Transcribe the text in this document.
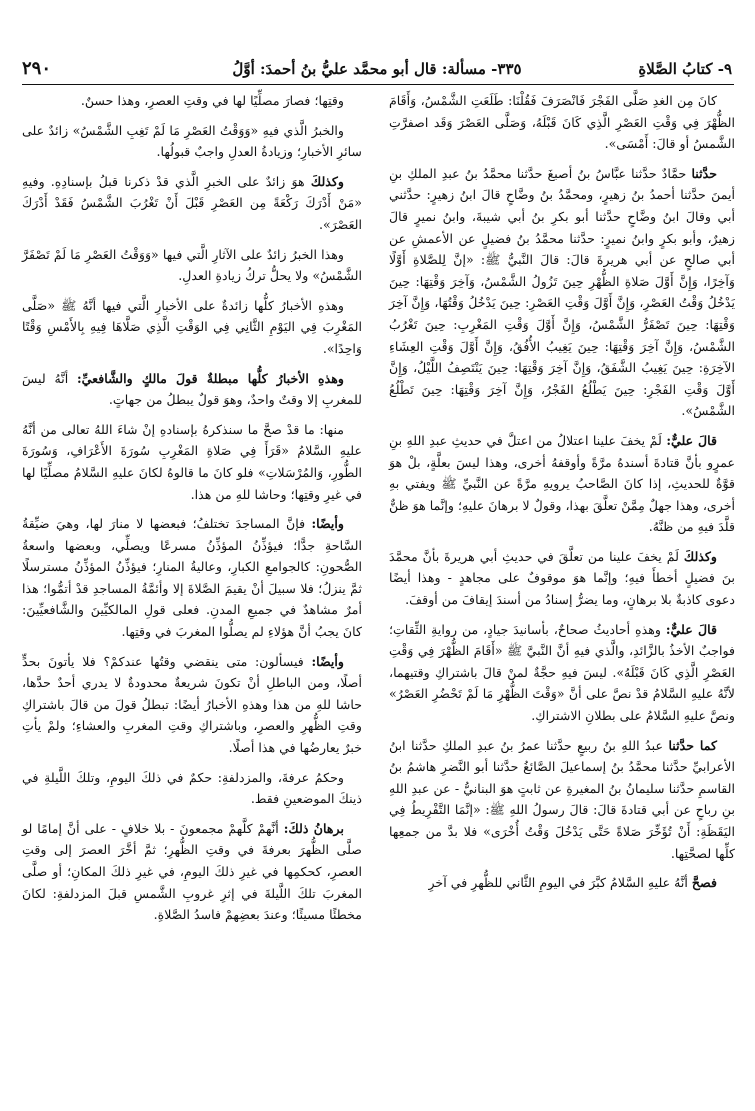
٩- كتابُ الصَّلاةِ
٣٣٥- مسألة: قال أبو محمَّد عليُّ بنُ أحمدَ: أوَّلُ
٢٩٠

كانَ مِن الغدِ صَلَّى الفَجْرَ فَانْصَرَفَ فَقُلْنَا: طَلَعَتِ الشَّمْسُ، وَأَقَامَ الظُّهْرَ فِي وَقْتِ العَصْرِ الَّذِي كَانَ قَبْلَهُ، وَصَلَّى العَصْرَ وَقَد اصفرَّتِ الشَّمسُ أو قالَ: أَمْسَى».

حدَّثنا حمَّادٌ حدَّثنا عبَّاسُ بنُ أصبغَ حدَّثنا محمَّدُ بنُ عبدِ الملكِ بنِ أيمنَ حدَّثنا أحمدُ بنُ زهيرٍ، ومحمَّدُ بنُ وضَّاحٍ قالَ ابنُ زهيرٍ: حدَّثني أبي وقالَ ابنُ وضَّاحٍ حدَّثنا أبو بكرِ بنُ أبي شيبةَ، وابنُ نميرٍ قالَ زهيرٌ، وأبو بكرٍ وابنُ نميرٍ: حدَّثنا محمَّدُ بنُ فضيلٍ عن الأعمشِ عن أبي صالحٍ عن أبي هريرةَ قالَ: قالَ النَّبيُّ ﷺ: «إنَّ لِلصَّلاةِ أَوَّلًا وَآخِرًا، وَإِنَّ أَوَّلَ صَلاةِ الظُّهْرِ حِينَ تَزُولُ الشَّمْسُ، وَآخِرَ وَقْتِهَا: حِينَ يَدْخُلُ وَقْتُ العَصْرِ، وَإِنَّ أَوَّلَ وَقْتِ العَصْرِ: حِينَ يَدْخُلُ وَقْتُهَا، وَإِنَّ آخِرَ وَقْتِهَا: حِينَ تَصْفَرُّ الشَّمْسُ، وَإِنَّ أَوَّلَ وَقْتِ المَغْرِبِ: حِينَ تَغْرُبُ الشَّمْسُ، وَإِنَّ آخِرَ وَقْتِهَا: حِينَ يَغِيبُ الأُفُقُ، وَإِنَّ أَوَّلَ وَقْتِ العِشَاءِ الآخِرَةِ: حِينَ يَغِيبُ الشَّفَقُ، وَإِنَّ آخِرَ وَقْتِهَا: حِينَ يَنْتَصِفُ اللَّيْلُ، وَإِنَّ أَوَّلَ وَقْتِ الفَجْرِ: حِينَ يَطْلُعُ الفَجْرُ، وَإِنَّ آخِرَ وَقْتِهَا: حِينَ تَطْلُعُ الشَّمْسُ».

قالَ عليٌّ: لَمْ يخفَ علينا اعتلالُ من اعتلَّ في حديثِ عبدِ اللهِ بنِ عمرٍو بأنَّ قتادةَ أسندهُ مرَّةً وأوقفهُ أخرى، وهذا ليسَ بعلَّةٍ، بلْ هوَ قوَّةٌ للحديثِ، إذا كانَ الصَّاحبُ يرويهِ مرَّةً عن النَّبيِّ ﷺ ويفتي بهِ أخرى، وهذا جهلٌ مِمَّنْ تعلَّقَ بهذا، وقولٌ لا برهانَ عليهِ؛ وإنَّما هوَ ظنٌّ قلَّدَ فيهِ من ظنَّهُ.

وكذلكَ لَمْ يخفَ علينا من تعلَّقَ في حديثِ أبي هريرةَ بأنَّ محمَّدَ بنَ فضيلٍ أخطأَ فيهِ؛ وإنَّما هوَ موقوفٌ على مجاهدٍ - وهذا أيضًا دعوى كاذبةٌ بلا برهانٍ، وما يضرُّ إسنادُ من أسندَ إيقافَ من أوقفَ.

قالَ عليٌّ: وهذهِ أحاديثُ صحاحٌ، بأسانيدَ جيادٍ، من روايةِ الثِّقاتِ؛ فواجبٌ الأخذُ بالزَّائدِ، والَّذي فيهِ أنَّ النَّبيَّ ﷺ «أَقَامَ الظُّهْرَ فِي وَقْتِ العَصْرِ الَّذِي كَانَ قَبْلَهُ». ليسَ فيهِ حجَّةٌ لمنْ قالَ باشتراكِ وقتيهما، لأنَّهُ عليهِ السَّلامُ قدْ نصَّ على أنَّ «وَقْتَ الظُّهْرِ مَا لَمْ تَحْضُرِ العَصْرُ» ونصَّ عليهِ السَّلامُ على بطلانِ الاشتراكِ.

كما حدَّثنا عبدُ اللهِ بنُ ربيعٍ حدَّثنا عمرُ بنُ عبدِ الملكِ حدَّثنا ابنُ الأعرابيِّ حدَّثنا محمَّدُ بنُ إسماعيلَ الصَّائغُ حدَّثنا أبو النَّضرِ هاشمُ بنُ القاسمِ حدَّثنا سليمانُ بنُ المغيرةِ عن ثابتٍ هوَ البنانيُّ - عن عبدِ اللهِ بنِ رباحٍ عن أبي قتادةَ قالَ: قالَ رسولُ اللهِ ﷺ: «إنَّمَا التَّفْرِيطُ فِي اليَقَظَةِ: أَنْ تُؤَخِّرَ صَلاةً حَتَّى يَدْخُلَ وَقْتُ أُخْرَى» فلا بدَّ من جمعِها كلِّها لصحَّتِها.

فصحَّ أنَّهُ عليهِ السَّلامُ كبَّرَ في اليومِ الثَّاني للظُّهرِ في آخرِ

وقتِها؛ فصارَ مصلِّيًا لها في وقتِ العصرِ، وهذا حسنٌ.

والخبرُ الَّذي فيهِ «وَوَقْتُ العَصْرِ مَا لَمْ تَغِبِ الشَّمْسُ» زائدٌ على سائرِ الأخبارِ؛ وزيادةُ العدلِ واجبٌ قبولُها.

وكذلكَ هوَ زائدٌ على الخبرِ الَّذي قدْ ذكرنا قبلُ بإسنادِهِ. وفيهِ «مَنْ أَدْرَكَ رَكْعَةً مِن العَصْرِ قَبْلَ أَنْ تَغْرُبَ الشَّمْسُ فَقَدْ أَدْرَكَ العَصْرَ».

وهذا الخبرُ زائدٌ على الآثارِ الَّتي فيها «وَوَقْتُ العَصْرِ مَا لَمْ تَصْفَرَّ الشَّمْسُ» ولا يحلُّ تركُ زيادةِ العدلِ.

وهذهِ الأخبارُ كلُّها زائدةٌ على الأخبارِ الَّتي فيها أنَّهُ ﷺ «صَلَّى المَغْرِبَ فِي اليَوْمِ الثَّانِي فِي الوَقْتِ الَّذِي صَلَّاهَا فِيهِ بِالأَمْسِ وَقْتًا وَاحِدًا».

وهذهِ الأخبارُ كلُّها مبطلةٌ قولَ مالكٍ والشَّافعيِّ: أنَّهُ ليسَ للمغربِ إلا وقتٌ واحدٌ، وهوَ قولٌ يبطلُ من جهاتٍ.

منها: ما قدْ صحَّ ما سنذكرهُ بإسنادهِ إنْ شاءَ اللهُ تعالى من أنَّهُ عليهِ السَّلامُ «قَرَأَ فِي صَلاةِ المَغْرِبِ سُورَةَ الأَعْرَافِ، وَسُورَةَ الطُّورِ، وَالمُرْسَلاتِ» فلو كانَ ما قالوهُ لكانَ عليهِ السَّلامُ مصلِّيًا لها في غيرِ وقتِها؛ وحاشا للهِ من هذا.

وأيضًا: فإنَّ المساجدَ تختلفُ؛ فبعضها لا منارَ لها، وهيَ ضيِّقةُ السَّاحةِ جدًّا؛ فيؤذِّنُ المؤذِّنُ مسرعًا ويصلِّي، وبعضها واسعةُ الصُّحونِ: كالجوامعِ الكبارِ، وعاليةُ المنارِ؛ فيؤذِّنُ المؤذِّنُ مسترسلًا ثمَّ ينزلُ؛ فلا سبيلَ أنْ يقيمَ الصَّلاةَ إلا وأئمَّةُ المساجدِ قدْ أتمُّوا؛ هذا أمرٌ مشاهدٌ في جميعِ المدنِ. فعلى قولِ المالكيِّينَ والشَّافعيِّينَ: كانَ يجبُ أنَّ هؤلاءِ لم يصلُّوا المغربَ في وقتِها.

وأيضًا: فيسألون: متى ينقضي وقتُها عندكمْ؟ فلا يأتونَ بحدٍّ أصلًا، ومن الباطلِ أنْ تكونَ شريعةٌ محدودةٌ لا يدري أحدٌ حدَّها، حاشا للهِ من هذا وهذهِ الأخبارُ أيضًا: تبطلُ قولَ من قالَ باشتراكِ وقتِ الظُّهرِ والعصرِ، وباشتراكِ وقتِ المغربِ والعشاءِ؛ ولمْ يأتِ خبرٌ يعارضُها في هذا أصلًا.

وحكمُ عرفةَ، والمزدلفةِ: حكمٌ في ذلكَ اليومِ، وتلكَ اللَّيلةِ في ذينكَ الموضعينِ فقط.

برهانُ ذلكَ: أنَّهمْ كلَّهمْ مجمعونَ - بلا خلافٍ - على أنَّ إمامًا لو صلَّى الظُّهرَ بعرفةَ في وقتِ الظُّهرِ؛ ثمَّ أخَّرَ العصرَ إلى وقتِ العصرِ، كحكمِها في غيرِ ذلكَ اليومِ، في غيرِ ذلكَ المكانِ؛ أو صلَّى المغربَ تلكَ اللَّيلةَ في إثرِ غروبِ الشَّمسِ قبلَ المزدلفةِ: لكانَ مخطئًا مسيئًا؛ وعندَ بعضِهمْ فاسدُ الصَّلاةِ.
